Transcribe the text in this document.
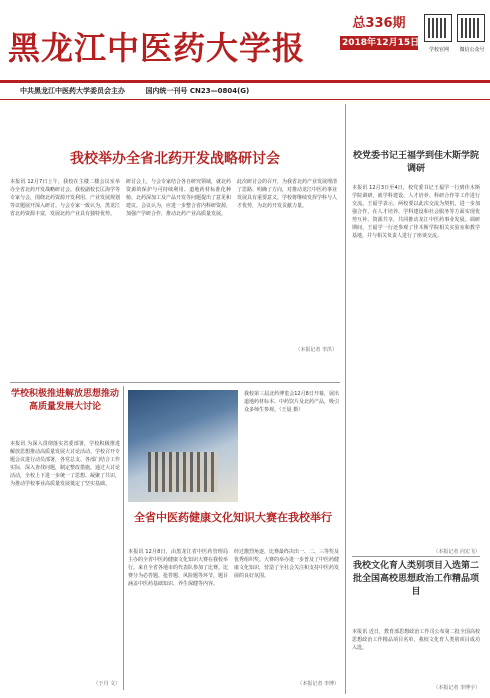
黑龙江中医药大学报
总336期
2018年12月15日
学校官网	微信公众号
中共黑龙江中医药大学委员会主办	国内统一刊号 CN23—0804(G)
我校举办全省北药开发战略研讨会
本报讯 12月7日上午，我校在主楼二楼会议室举办全省北药开发战略研讨会。我校副校长匡海学等专家与会，围绕北药资源开发利用、产业发展规划等议题展开深入研讨。与会专家一致认为，黑龙江省北药资源丰富，发展北药产业具有独特优势。
研讨会上，与会专家结合各自研究领域，就北药资源的保护与可持续利用、道地药材标准化种植、北药深加工及产品开发等问题提出了意见和建议。会议认为，应进一步整合省内科研资源，加强产学研合作，推动北药产业高质量发展。
此次研讨会的召开，为我省北药产业发展理清了思路、明确了方向，对推动龙江中医药事业发展具有重要意义。学校将继续发挥学科与人才优势，为北药开发贡献力量。
（本报记者 李洪）
学校积极推进解放思想推动高质量发展大讨论
本报讯 为深入贯彻落实省委部署，学校积极推进解放思想推动高质量发展大讨论活动。学校召开专题会议进行动员部署，各党总支、各部门结合工作实际，深入查找问题，制定整改措施。通过大讨论活动，全校上下进一步统一了思想、凝聚了共识，为推动学校事业高质量发展奠定了坚实基础。
（于丹 文）
我校第三届北药博览会12月8日开幕，展出道地药材标本、中药饮片及北药产品，吸引众多师生参观。（王晨 摄）
全省中医药健康文化知识大赛在我校举行
本报讯 12月8日，由黑龙江省中医药管理局主办的全省中医药健康文化知识大赛在我校举行。来自全省各地市的代表队参加了比赛。比赛分为必答题、抢答题、风险题等环节，题目涵盖中医药基础知识、养生保健等内容。
经过激烈角逐，比赛最终决出一、二、三等奖及优秀组织奖。大赛的举办进一步普及了中医药健康文化知识，营造了全社会关注和支持中医药发展的良好氛围。
（本报记者 李博）
校党委书记王福学到佳木斯学院调研
本报讯 12月3日至4日，校党委书记王福学一行到佳木斯学院调研，就学科建设、人才培养、科研合作等工作进行交流。王福学表示，两校要以此次交流为契机，进一步加强合作，在人才培养、学科建设和社会服务等方面实现优势互补、资源共享，共同推动龙江中医药事业发展。调研期间，王福学一行还参观了佳木斯学院相关实验室和教学基地，并与相关负责人进行了座谈交流。
（本报记者 向宏飞）
我校文化育人类别项目入选第二批全国高校思想政治工作精品项目
本报讯 近日，教育部思想政治工作司公布第二批全国高校思想政治工作精品项目名单，我校文化育人类别项目成功入选。
（本报记者 李博宇）
